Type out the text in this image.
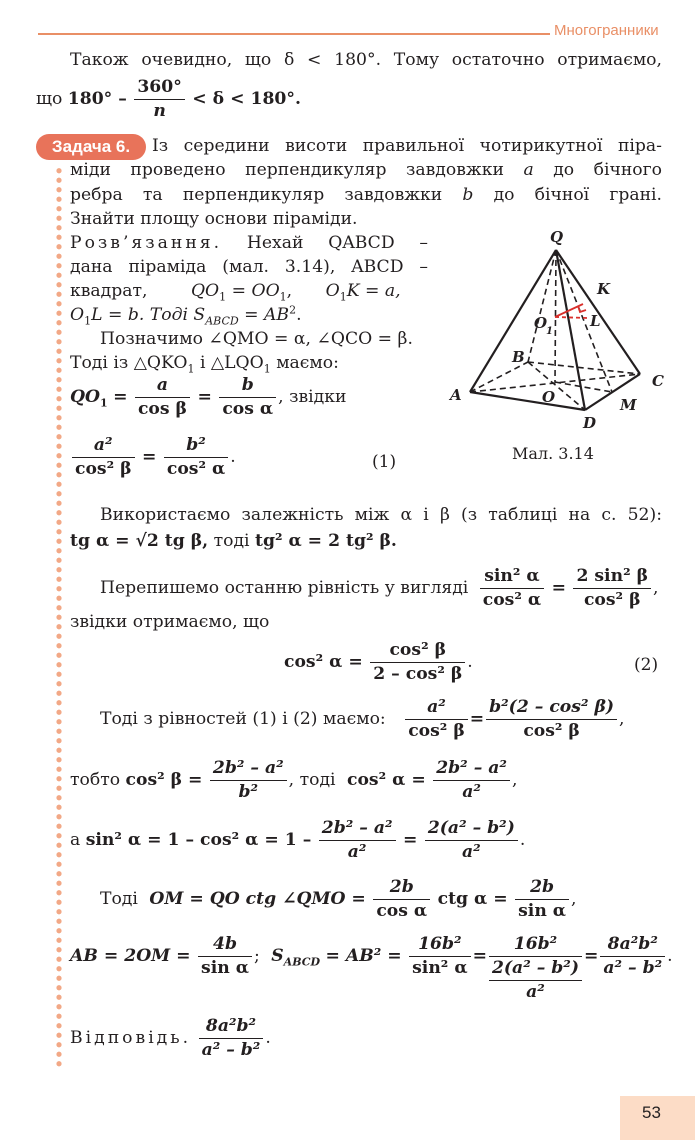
Многогранники
Також очевидно, що δ < 180°. Тому остаточно отримаємо,
що $180^\circ - \frac{360^\circ}{n} < \delta < 180^\circ$.
Задача 6.	Із середини висоти правильної чотирикутної піра-
міди проведено перпендикуляр завдовжки a до бічного
ребра та перпендикуляр завдовжки b до бічної грані.
Знайти площу основи піраміди.
Розв’язання. Нехай QABCD –
дана піраміда (мал. 3.14), ABCD –
квадрат,	$QO_1 = OO_1$, $O_1K = a$,
$O_1L = b$. Тоді $S_{ABCD} = AB^2$.
Позначимо ∠QMO = α, ∠QCO = β.
Тоді із $\triangle QKO_1$ і $\triangle LQO_1$ маємо:
$QO_1 = \frac{a}{\text{cos β}} = \frac{b}{\text{cos α}}$ , звідки
$\frac{\text{a²}}{\text{cos² β}} = \frac{\text{b²}}{\text{cos² α}}$ .	(1)
Q
K
L
O
1
B
A	O
C
M
D
Мал. 3.14
Використаємо залежність між α і β (з таблиці на с. 52):
tg α = √2 tg β, тоді tg² α = 2 tg² β.
Перепишемо останню рівність у вигляді $\frac{\text{sin² α}}{\text{cos² α}} = \frac{\text{2 sin² β}}{\text{cos² β}}$ ,
звідки отримаємо, що
cos² $\alpha = \frac{\text{cos² β}}{\text{2 – cos² β}}$ .	(2)
Тоді з рівностей (1) і (2) маємо: $\frac{\text{a²}}{\text{cos² β}} = \frac{\text{b²(2 – cos² β)}}{\text{cos² β}}$ ,
тобто cos² $\beta = \frac{\text{2b² – a²}}{\text{b²}}$ , тоді cos² $\alpha = \frac{\text{2b² – a²}}{\text{a²}}$ ,
а sin² α = 1 – cos² $\alpha = 1 - \frac{\text{2b² – a²}}{\text{a²}} = \frac{\text{2(a² – b²)}}{\text{a²}}$ .
Тоді OM = QO ctg ∠QMO = $\frac{2b}{\text{cos α}}$ ctg $\alpha = \frac{2b}{\text{sin α}}$ ,
AB = $2OM = \frac{4b}{\text{sin α}}$ ; $S_{ABCD} = AB^2 = \frac{\text{16b²}}{\text{sin² α}}$ =
16b²
2(a² – b²)
a²
= $\frac{\text{8a²b²}}{\text{a² – b²}}$ .
Відповідь. $\frac{\text{8a²b²}}{\text{a² – b²}}$ .
53
